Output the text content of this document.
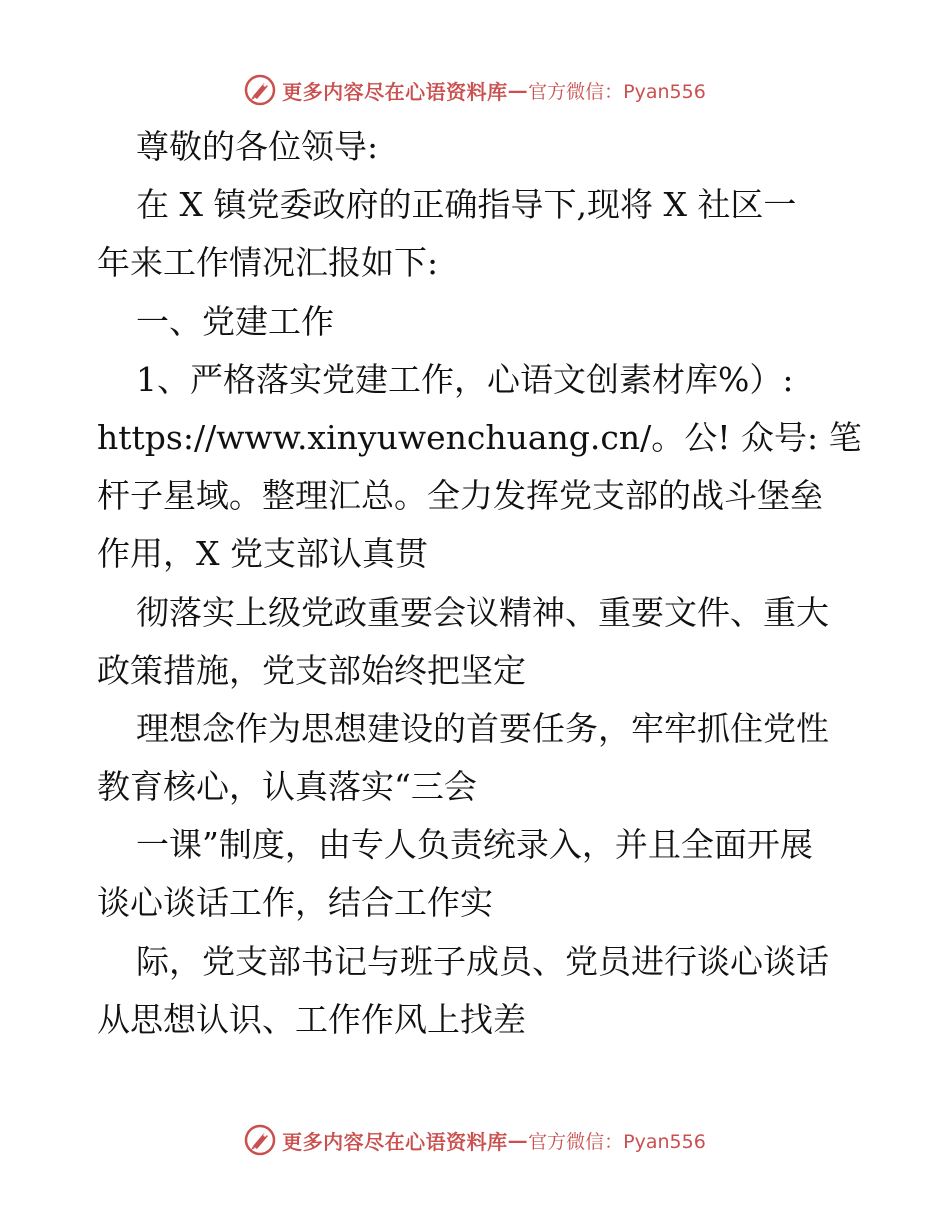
更多内容尽在心语资料库 — 官方微信：Pyan556
尊敬的各位领导:
在 X 镇党委政府的正确指导下,现将 X 社区一
年来工作情况汇报如下:
一、党建工作
1、严格落实党建工作，心语文创素材库%）:
https://www.xinyuwenchuang.cn/。公! 众号: 笔
杆子星域。整理汇总。全力发挥党支部的战斗堡垒
作用，X 党支部认真贯
彻落实上级党政重要会议精神、重要文件、重大
政策措施，党支部始终把坚定
理想念作为思想建设的首要任务，牢牢抓住党性
教育核心，认真落实“三会
一课”制度，由专人负责统录入，并且全面开展
谈心谈话工作，结合工作实
际，党支部书记与班子成员、党员进行谈心谈话
从思想认识、工作作风上找差
更多内容尽在心语资料库 — 官方微信：Pyan556
